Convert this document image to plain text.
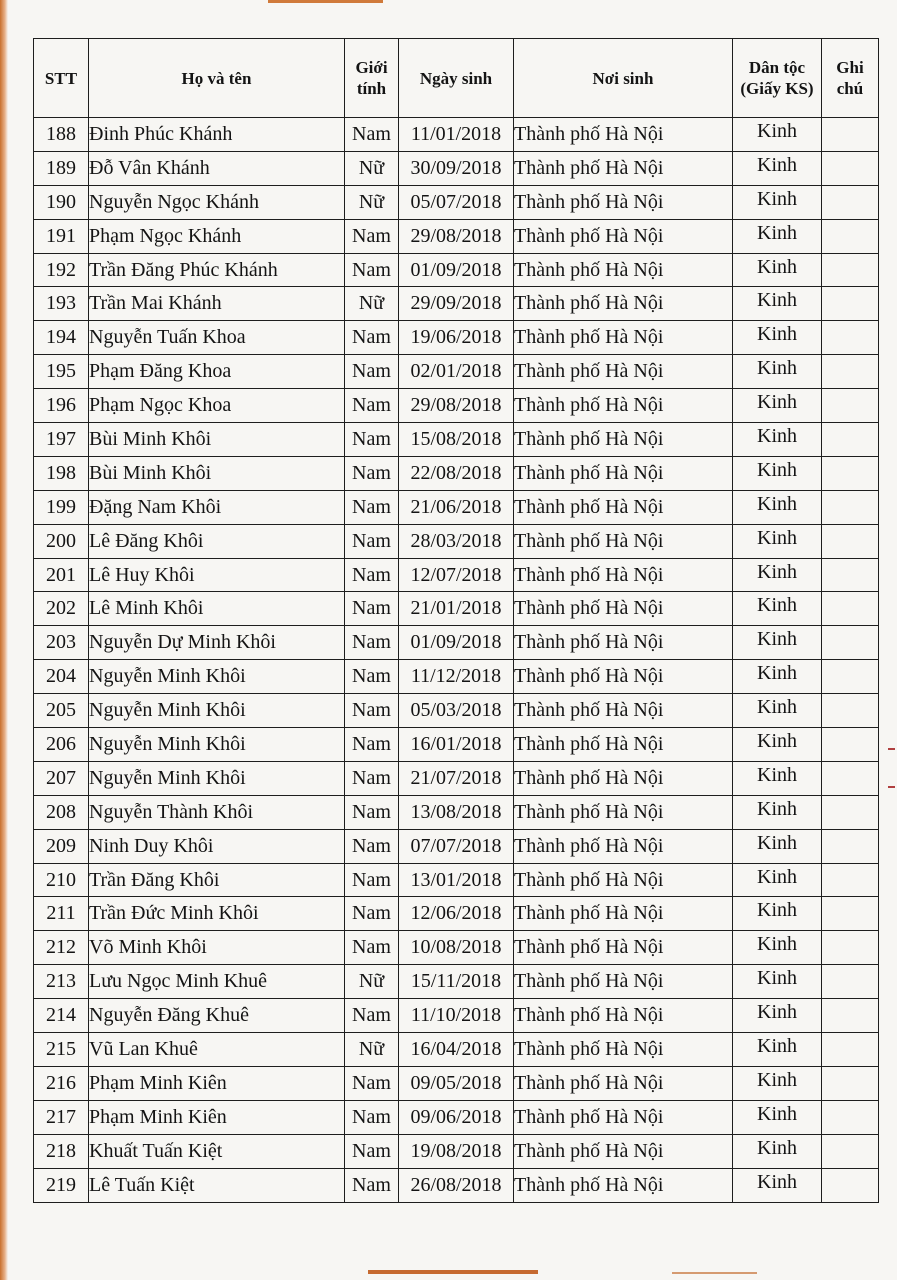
STT	Họ và tên	Giới tính	Ngày sinh	Nơi sinh	Dân tộc (Giấy KS)	Ghi chú
188	Đinh Phúc Khánh	Nam	11/01/2018	Thành phố Hà Nội	Kinh	
189	Đỗ Vân Khánh	Nữ	30/09/2018	Thành phố Hà Nội	Kinh	
190	Nguyễn Ngọc Khánh	Nữ	05/07/2018	Thành phố Hà Nội	Kinh	
191	Phạm Ngọc Khánh	Nam	29/08/2018	Thành phố Hà Nội	Kinh	
192	Trần Đăng Phúc Khánh	Nam	01/09/2018	Thành phố Hà Nội	Kinh	
193	Trần Mai Khánh	Nữ	29/09/2018	Thành phố Hà Nội	Kinh	
194	Nguyễn Tuấn Khoa	Nam	19/06/2018	Thành phố Hà Nội	Kinh	
195	Phạm Đăng Khoa	Nam	02/01/2018	Thành phố Hà Nội	Kinh	
196	Phạm Ngọc Khoa	Nam	29/08/2018	Thành phố Hà Nội	Kinh	
197	Bùi Minh Khôi	Nam	15/08/2018	Thành phố Hà Nội	Kinh	
198	Bùi Minh Khôi	Nam	22/08/2018	Thành phố Hà Nội	Kinh	
199	Đặng Nam Khôi	Nam	21/06/2018	Thành phố Hà Nội	Kinh	
200	Lê Đăng Khôi	Nam	28/03/2018	Thành phố Hà Nội	Kinh	
201	Lê Huy Khôi	Nam	12/07/2018	Thành phố Hà Nội	Kinh	
202	Lê Minh Khôi	Nam	21/01/2018	Thành phố Hà Nội	Kinh	
203	Nguyễn Dự Minh Khôi	Nam	01/09/2018	Thành phố Hà Nội	Kinh	
204	Nguyễn Minh Khôi	Nam	11/12/2018	Thành phố Hà Nội	Kinh	
205	Nguyễn Minh Khôi	Nam	05/03/2018	Thành phố Hà Nội	Kinh	
206	Nguyễn Minh Khôi	Nam	16/01/2018	Thành phố Hà Nội	Kinh	
207	Nguyễn Minh Khôi	Nam	21/07/2018	Thành phố Hà Nội	Kinh	
208	Nguyễn Thành Khôi	Nam	13/08/2018	Thành phố Hà Nội	Kinh	
209	Ninh Duy Khôi	Nam	07/07/2018	Thành phố Hà Nội	Kinh	
210	Trần Đăng Khôi	Nam	13/01/2018	Thành phố Hà Nội	Kinh	
211	Trần Đức Minh Khôi	Nam	12/06/2018	Thành phố Hà Nội	Kinh	
212	Võ Minh Khôi	Nam	10/08/2018	Thành phố Hà Nội	Kinh	
213	Lưu Ngọc Minh Khuê	Nữ	15/11/2018	Thành phố Hà Nội	Kinh	
214	Nguyễn Đăng Khuê	Nam	11/10/2018	Thành phố Hà Nội	Kinh	
215	Vũ Lan Khuê	Nữ	16/04/2018	Thành phố Hà Nội	Kinh	
216	Phạm Minh Kiên	Nam	09/05/2018	Thành phố Hà Nội	Kinh	
217	Phạm Minh Kiên	Nam	09/06/2018	Thành phố Hà Nội	Kinh	
218	Khuất Tuấn Kiệt	Nam	19/08/2018	Thành phố Hà Nội	Kinh	
219	Lê Tuấn Kiệt	Nam	26/08/2018	Thành phố Hà Nội	Kinh	
